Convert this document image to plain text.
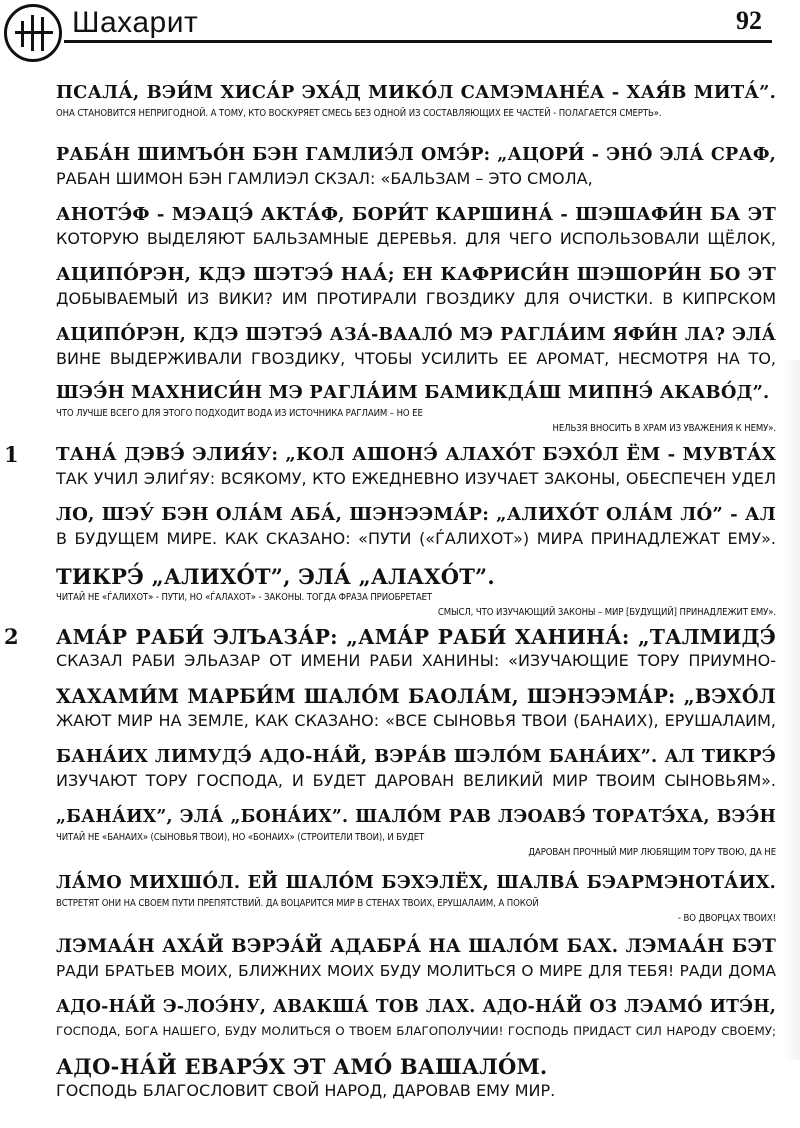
Шахарит	92
ПСАЛА́, ВЭИ́М ХИСА́Р ЭХА́Д МИКО́Л САМЭМАНЕ́А - ХАЯ́В МИТА́”.
ОНА СТАНОВИТСЯ НЕПРИГОДНОЙ. А ТОМУ, КТО ВОСКУРЯЕТ СМЕСЬ БЕЗ ОДНОЙ ИЗ СОСТАВЛЯЮЩИХ ЕЕ ЧАСТЕЙ - ПОЛАГАЕТСЯ СМЕРТЬ».
РАБА́Н ШИМЪО́Н БЭН ГАМЛИЭ́Л ОМЭ́Р: „АЦОРИ́ - ЭНО́ ЭЛА́ СРАФ,
РАБАН ШИМОН БЭН ГАМЛИЭЛ СКЗАЛ: «БАЛЬЗАМ – ЭТО СМОЛА,
АНОТЭ́Ф - МЭАЦЭ́ АКТА́Ф, БОРИ́Т КАРШИНА́ - ШЭШАФИ́Н БА ЭТ
КОТОРУЮ ВЫДЕЛЯЮТ БАЛЬЗАМНЫЕ ДЕРЕВЬЯ. ДЛЯ ЧЕГО ИСПОЛЬЗОВАЛИ ЩЁЛОК,
АЦИПО́РЭН, КДЭ ШЭТЭЭ́ НАА́; ЕН КАФРИСИ́Н ШЭШОРИ́Н БО ЭТ
ДОБЫВАЕМЫЙ ИЗ ВИКИ? ИМ ПРОТИРАЛИ ГВОЗДИКУ ДЛЯ ОЧИСТКИ. В КИПРСКОМ
АЦИПО́РЭН, КДЭ ШЭТЭЭ́ АЗА́-ВААЛО́ МЭ РАГЛА́ИМ ЯФИ́Н ЛА? ЭЛА́
ВИНЕ ВЫДЕРЖИВАЛИ ГВОЗДИКУ, ЧТОБЫ УСИЛИТЬ ЕЕ АРОМАТ, НЕСМОТРЯ НА ТО,
ШЭЭ́Н МАХНИСИ́Н МЭ РАГЛА́ИМ БАМИКДА́Ш МИПНЭ́ АКАВО́Д”.
ЧТО ЛУЧШЕ ВСЕГО ДЛЯ ЭТОГО ПОДХОДИТ ВОДА ИЗ ИСТОЧНИКА РАГЛАИМ – НО ЕЕ
НЕЛЬЗЯ ВНОСИТЬ В ХРАМ ИЗ УВАЖЕНИЯ К НЕМУ».
1 ТАНА́ ДЭВЭ́ ЭЛИЯ́У: „КОЛ АШОНЭ́ АЛАХО́Т БЭХО́Л ЁМ - МУВТА́Х
ТАК УЧИЛ ЭЛИЃЯУ: ВСЯКОМУ, КТО ЕЖЕДНЕВНО ИЗУЧАЕТ ЗАКОНЫ, ОБЕСПЕЧЕН УДЕЛ
ЛО, ШЭУ́ БЭН ОЛА́М АБА́, ШЭНЭЭМА́Р: „АЛИХО́Т ОЛА́М ЛО́” - АЛ
В БУДУЩЕМ МИРЕ. КАК СКАЗАНО: «ПУТИ («ЃАЛИХОТ») МИРА ПРИНАДЛЕЖАТ ЕМУ».
ТИКРЭ́ „АЛИХО́Т”, ЭЛА́ „АЛАХО́Т”.
ЧИТАЙ НЕ «ЃАЛИХОТ» - ПУТИ, НО «ЃАЛАХОТ» - ЗАКОНЫ. ТОГДА ФРАЗА ПРИОБРЕТАЕТ
СМЫСЛ, ЧТО ИЗУЧАЮЩИЙ ЗАКОНЫ – МИР [БУДУЩИЙ] ПРИНАДЛЕЖИТ ЕМУ».
2 АМА́Р РАБИ́ ЭЛЪАЗА́Р: „АМА́Р РАБИ́ ХАНИНА́: „ТАЛМИДЭ́
СКАЗАЛ РАБИ ЭЛЬАЗАР ОТ ИМЕНИ РАБИ ХАНИНЫ: «ИЗУЧАЮЩИЕ ТОРУ ПРИУМНО-
ХАХАМИ́М МАРБИ́М ШАЛО́М БАОЛА́М, ШЭНЭЭМА́Р: „ВЭХО́Л
ЖАЮТ МИР НА ЗЕМЛЕ, КАК СКАЗАНО: «ВСЕ СЫНОВЬЯ ТВОИ (БАНАИХ), ЕРУШАЛАИМ,
БАНА́ИХ ЛИМУДЭ́ АДО-НА́Й, ВЭРА́В ШЭЛО́М БАНА́ИХ”. АЛ ТИКРЭ́
ИЗУЧАЮТ ТОРУ ГОСПОДА, И БУДЕТ ДАРОВАН ВЕЛИКИЙ МИР ТВОИМ СЫНОВЬЯМ».
„БАНА́ИХ”, ЭЛА́ „БОНА́ИХ”. ШАЛО́М РАВ ЛЭОАВЭ́ ТОРАТЭ́ХА, ВЭЭ́Н
ЧИТАЙ НЕ «БАНАИХ» (СЫНОВЬЯ ТВОИ), НО «БОНАИХ» (СТРОИТЕЛИ ТВОИ), И БУДЕТ
ДАРОВАН ПРОЧНЫЙ МИР ЛЮБЯЩИМ ТОРУ ТВОЮ, ДА НЕ
ЛА́МО МИХШО́Л. ЕЙ ШАЛО́М БЭХЭЛЁХ, ШАЛВА́ БЭАРМЭНОТА́ИХ.
ВСТРЕТЯТ ОНИ НА СВОЕМ ПУТИ ПРЕПЯТСТВИЙ. ДА ВОЦАРИТСЯ МИР В СТЕНАХ ТВОИХ, ЕРУШАЛАИМ, А ПОКОЙ
- ВО ДВОРЦАХ ТВОИХ!
ЛЭМАА́Н АХА́Й ВЭРЭА́Й АДАБРА́ НА ШАЛО́М БАХ. ЛЭМАА́Н БЭТ
РАДИ БРАТЬЕВ МОИХ, БЛИЖНИХ МОИХ БУДУ МОЛИТЬСЯ О МИРЕ ДЛЯ ТЕБЯ! РАДИ ДОМА
АДО-НА́Й Э-ЛОЭ́НУ, АВАКША́ ТОВ ЛАХ. АДО-НА́Й ОЗ ЛЭАМО́ ИТЭ́Н,
ГОСПОДА, БОГА НАШЕГО, БУДУ МОЛИТЬСЯ О ТВОЕМ БЛАГОПОЛУЧИИ! ГОСПОДЬ ПРИДАСТ СИЛ НАРОДУ СВОЕМУ;
АДО-НА́Й ЕВАРЭ́Х ЭТ АМО́ ВАШАЛО́М.
ГОСПОДЬ БЛАГОСЛОВИТ СВОЙ НАРОД, ДАРОВАВ ЕМУ МИР.
